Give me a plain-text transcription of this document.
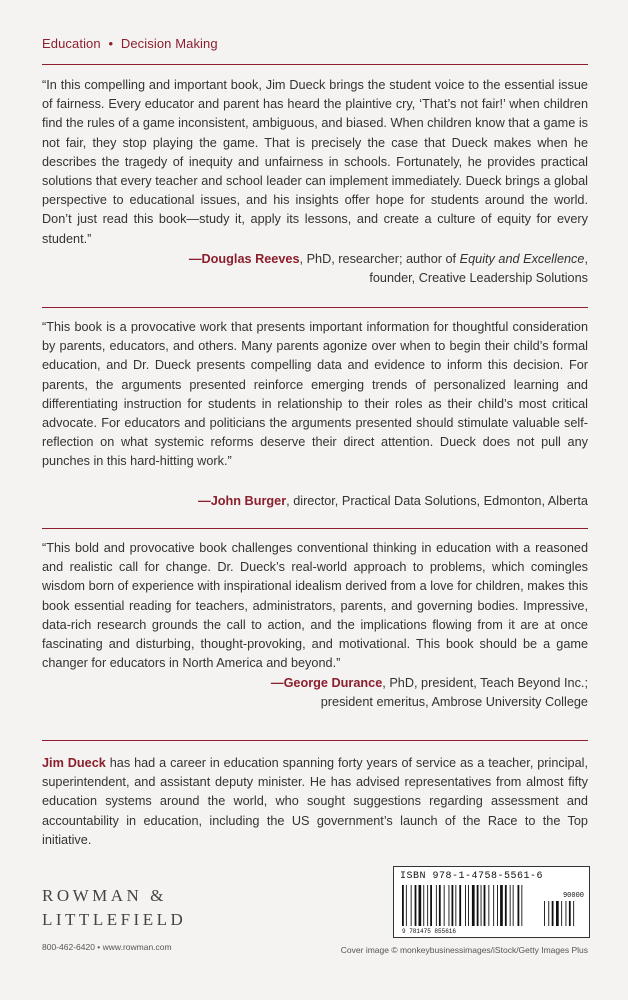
Education • Decision Making
“In this compelling and important book, Jim Dueck brings the student voice to the essential issue of fairness. Every educator and parent has heard the plaintive cry, ‘That’s not fair!’ when children find the rules of a game inconsistent, ambiguous, and biased. When children know that a game is not fair, they stop playing the game. That is precisely the case that Dueck makes when he describes the tragedy of inequity and unfairness in schools. Fortunately, he provides practical solutions that every teacher and school leader can implement immediately. Dueck brings a global perspective to educational issues, and his insights offer hope for students around the world. Don’t just read this book—study it, apply its lessons, and create a culture of equity for every student.”
—Douglas Reeves, PhD, researcher; author of Equity and Excellence,
founder, Creative Leadership Solutions
“This book is a provocative work that presents important information for thoughtful consideration by parents, educators, and others. Many parents agonize over when to begin their child’s formal education, and Dr. Dueck presents compelling data and evidence to inform this decision. For parents, the arguments presented reinforce emerging trends of personalized learning and differentiating instruction for students in relationship to their roles as their child’s most critical advocate. For educators and politicians the arguments presented should stimulate valuable self-reflection on what systemic reforms deserve their direct attention. Dueck does not pull any punches in this hard-hitting work.”
—John Burger, director, Practical Data Solutions, Edmonton, Alberta
“This bold and provocative book challenges conventional thinking in education with a reasoned and realistic call for change. Dr. Dueck’s real-world approach to problems, which comingles wisdom born of experience with inspirational idealism derived from a love for children, makes this book essential reading for teachers, administrators, parents, and governing bodies. Impressive, data-rich research grounds the call to action, and the implications flowing from it are at once fascinating and disturbing, thought-provoking, and motivational. This book should be a game changer for educators in North America and beyond.”
—George Durance, PhD, president, Teach Beyond Inc.;
president emeritus, Ambrose University College
Jim Dueck has had a career in education spanning forty years of service as a teacher, principal, superintendent, and assistant deputy minister. He has advised representatives from almost fifty education systems around the world, who sought suggestions regarding assessment and accountability in education, including the US government’s launch of the Race to the Top initiative.
ROWMAN &
LITTLEFIELD
800-462-6420 • www.rowman.com
9 781475 855616
90000
ISBN 978-1-4758-5561-6
Cover image © monkeybusinessimages/iStock/Getty Images Plus
